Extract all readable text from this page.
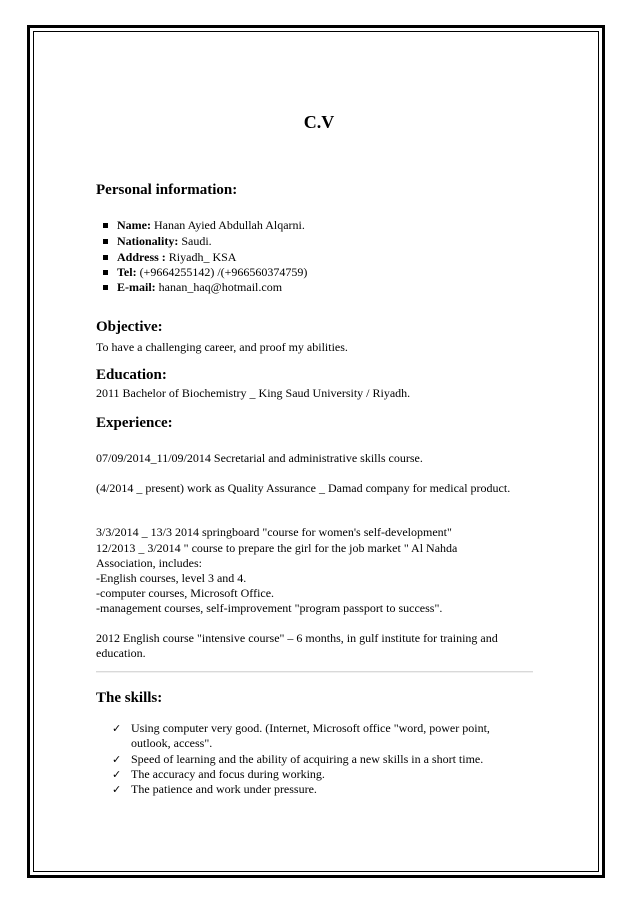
C.V
Personal information:
Name: Hanan Ayied Abdullah Alqarni.
Nationality: Saudi.
Address : Riyadh_ KSA
Tel: (+9664255142) /(+966560374759)
E-mail: hanan_haq@hotmail.com
Objective:

To have a challenging career, and proof my abilities.

Education:

2011 Bachelor of Biochemistry _ King Saud University / Riyadh.

Experience:

07/09/2014_11/09/2014 Secretarial and administrative skills course.

(4/2014 _ present) work as Quality Assurance _ Damad company for medical product.

3/3/2014 _ 13/3 2014 springboard "course for women's self-development"

12/2013 _ 3/2014 " course to prepare the girl for the job market " Al Nahda Association, includes:

-English courses, level 3 and 4.

-computer courses, Microsoft Office.

-management courses, self-improvement "program passport to success".

2012 English course "intensive course" – 6 months, in gulf institute for training and education.

The skills:

✓ Using computer very good. (Internet, Microsoft office "word, power point, outlook, access".

✓ Speed of learning and the ability of acquiring a new skills in a short time.

✓ The accuracy and focus during working.

✓ The patience and work under pressure.
